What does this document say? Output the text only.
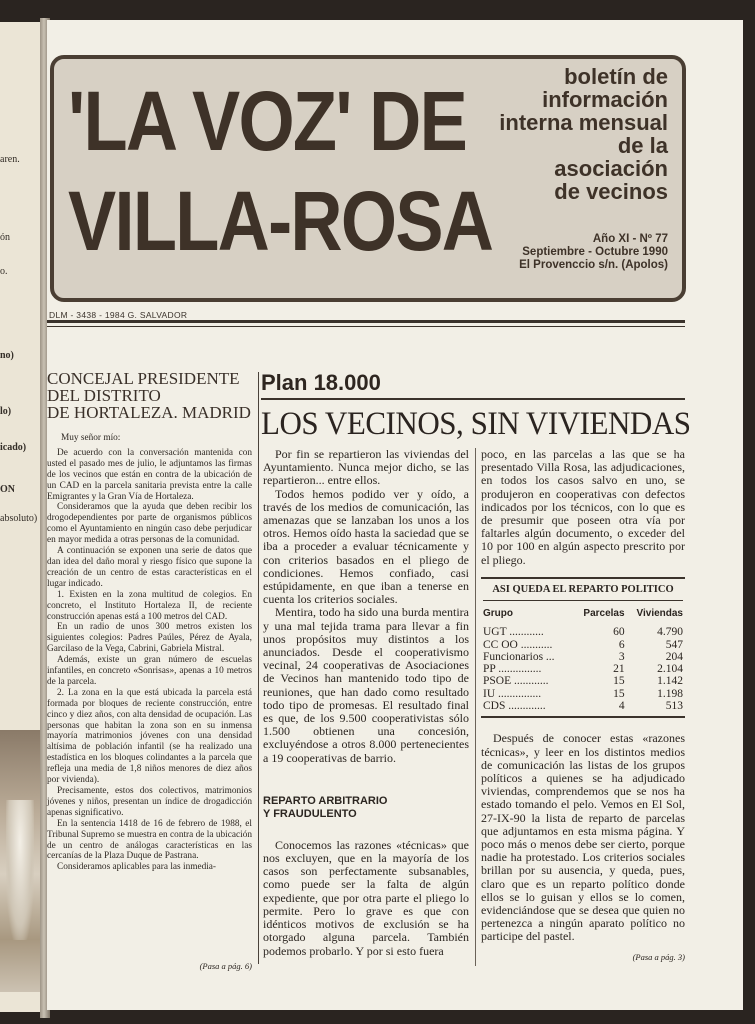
aren.
ón
o.
no)
lo)
icado)
ON
absoluto)
'LA VOZ' DE
VILLA-ROSA
boletín de
información
interna mensual
de la
asociación
de vecinos
Año XI - Nº 77
Septiembre - Octubre 1990
El Provenccio s/n. (Apolos)
DLM - 3438 - 1984 G. SALVADOR
CONCEJAL PRESIDENTE
DEL DISTRITO
DE HORTALEZA. MADRID

Muy señor mío:

De acuerdo con la conversación mantenida con usted el pasado mes de julio, le adjuntamos las firmas de los vecinos que están en contra de la ubicación de un CAD en la parcela sanitaria prevista entre la calle Emigrantes y la Gran Vía de Hortaleza.

Consideramos que la ayuda que deben recibir los drogodependientes por parte de organismos públicos como el Ayuntamiento en ningún caso debe perjudicar en mayor medida a otras personas de la comunidad.

A continuación se exponen una serie de datos que dan idea del daño moral y riesgo físico que supone la creación de un centro de estas características en el lugar indicado.

1. Existen en la zona multitud de colegios. En concreto, el Instituto Hortaleza II, de reciente construcción apenas está a 100 metros del CAD.

En un radio de unos 300 metros existen los siguientes colegios: Padres Paúles, Pérez de Ayala, Garcilaso de la Vega, Cabrini, Gabriela Mistral.

Además, existe un gran número de escuelas infantiles, en concreto «Sonrisas», apenas a 10 metros de la parcela.

2. La zona en la que está ubicada la parcela está formada por bloques de reciente construcción, entre cinco y diez años, con alta densidad de ocupación. Las personas que habitan la zona son en su inmensa mayoría matrimonios jóvenes con una densidad altísima de población infantil (se ha realizado una estadística en los bloques colindantes a la parcela que refleja una media de 1,8 niños menores de diez años por vivienda).

Precisamente, estos dos colectivos, matrimonios jóvenes y niños, presentan un índice de drogadicción apenas significativo.

En la sentencia 1418 de 16 de febrero de 1988, el Tribunal Supremo se muestra en contra de la ubicación de un centro de análogas características en las cercanías de la Plaza Duque de Pastrana.

Consideramos aplicables para las inmedia-

(Pasa a pág. 6)
Plan 18.000
LOS VECINOS, SIN VIVIENDAS

Por fin se repartieron las viviendas del Ayuntamiento. Nunca mejor dicho, se las repartieron... entre ellos.

Todos hemos podido ver y oído, a través de los medios de comunicación, las amenazas que se lanzaban los unos a los otros. Hemos oído hasta la saciedad que se iba a proceder a evaluar técnicamente y con criterios basados en el pliego de condiciones. Hemos confiado, casi estúpidamente, en que iban a tenerse en cuenta los criterios sociales.

Mentira, todo ha sido una burda mentira y una mal tejida trama para llevar a fin unos propósitos muy distintos a los anunciados. Desde el cooperativismo vecinal, 24 cooperativas de Asociaciones de Vecinos han mantenido todo tipo de reuniones, que han dado como resultado todo tipo de promesas. El resultado final es que, de los 9.500 cooperativistas sólo 1.500 obtienen una concesión, excluyéndose a otros 8.000 pertenecientes a 19 cooperativas de barrio.

REPARTO ARBITRARIO
Y FRAUDULENTO

Conocemos las razones «técnicas» que nos excluyen, que en la mayoría de los casos son perfectamente subsanables, como puede ser la falta de algún expediente, que por otra parte el pliego lo permite. Pero lo grave es que con idénticos motivos de exclusión se ha otorgado alguna parcela. También podemos probarlo. Y por si esto fuera

poco, en las parcelas a las que se ha presentado Villa Rosa, las adjudicaciones, en todos los casos salvo en uno, se produjeron en cooperativas con defectos indicados por los técnicos, con lo que es de presumir que poseen otra vía por faltarles algún documento, o exceder del 10 por 100 en algún aspecto prescrito por el pliego.

ASI QUEDA EL REPARTO POLITICO
Grupo	Parcelas	Viviendas
UGT ............	60	4.790
CC OO ...........	6	547
Funcionarios ...	3	204
PP ...............	21	2.104
PSOE ............	15	1.142
IU ...............	15	1.198
CDS .............	4	513

Después de conocer estas «razones técnicas», y leer en los distintos medios de comunicación las listas de los grupos políticos a quienes se ha adjudicado viviendas, comprendemos que se nos ha estado tomando el pelo. Vemos en El Sol, 27-IX-90 la lista de reparto de parcelas que adjuntamos en esta misma página. Y poco más o menos debe ser cierto, porque nadie ha protestado. Los criterios sociales brillan por su ausencia, y queda, pues, claro que es un reparto político donde ellos se lo guisan y ellos se lo comen, evidenciándose que se desea que quien no pertenezca a ningún aparato político no participe del pastel.

(Pasa a pág. 3)
